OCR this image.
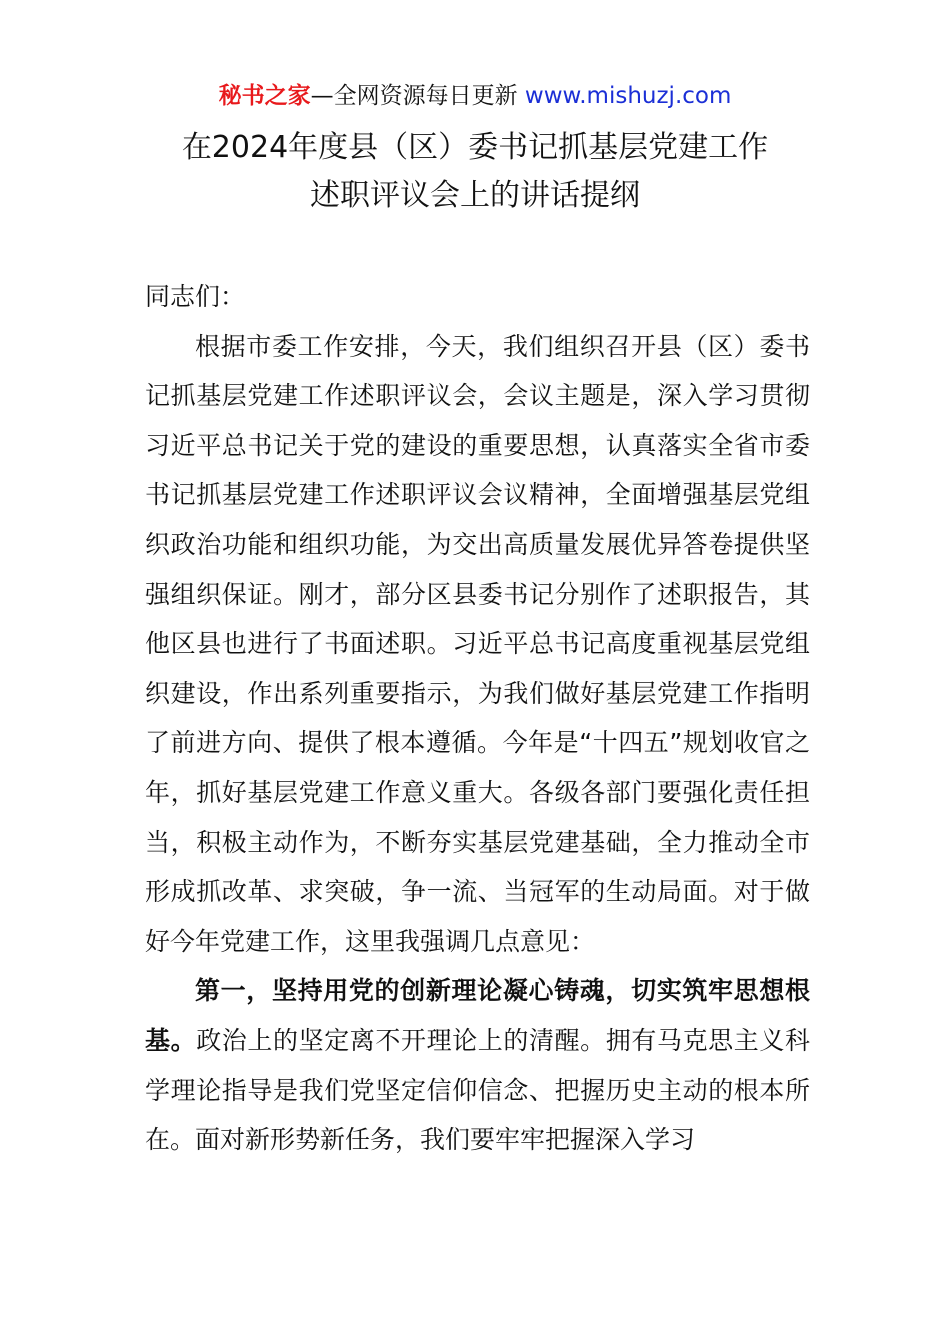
秘书之家—全网资源每日更新 www.mishuzj.com
在2024年度县（区）委书记抓基层党建工作
述职评议会上的讲话提纲

同志们：

根据市委工作安排，今天，我们组织召开县（区）委书记抓基层党建工作述职评议会，会议主题是，深入学习贯彻习近平总书记关于党的建设的重要思想，认真落实全省市委书记抓基层党建工作述职评议会议精神，全面增强基层党组织政治功能和组织功能，为交出高质量发展优异答卷提供坚强组织保证。刚才，部分区县委书记分别作了述职报告，其他区县也进行了书面述职。习近平总书记高度重视基层党组织建设，作出系列重要指示，为我们做好基层党建工作指明了前进方向、提供了根本遵循。今年是“十四五”规划收官之年，抓好基层党建工作意义重大。各级各部门要强化责任担当，积极主动作为，不断夯实基层党建基础，全力推动全市形成抓改革、求突破，争一流、当冠军的生动局面。对于做好今年党建工作，这里我强调几点意见：

第一，坚持用党的创新理论凝心铸魂，切实筑牢思想根基。政治上的坚定离不开理论上的清醒。拥有马克思主义科学理论指导是我们党坚定信仰信念、把握历史主动的根本所在。面对新形势新任务，我们要牢牢把握深入学习
